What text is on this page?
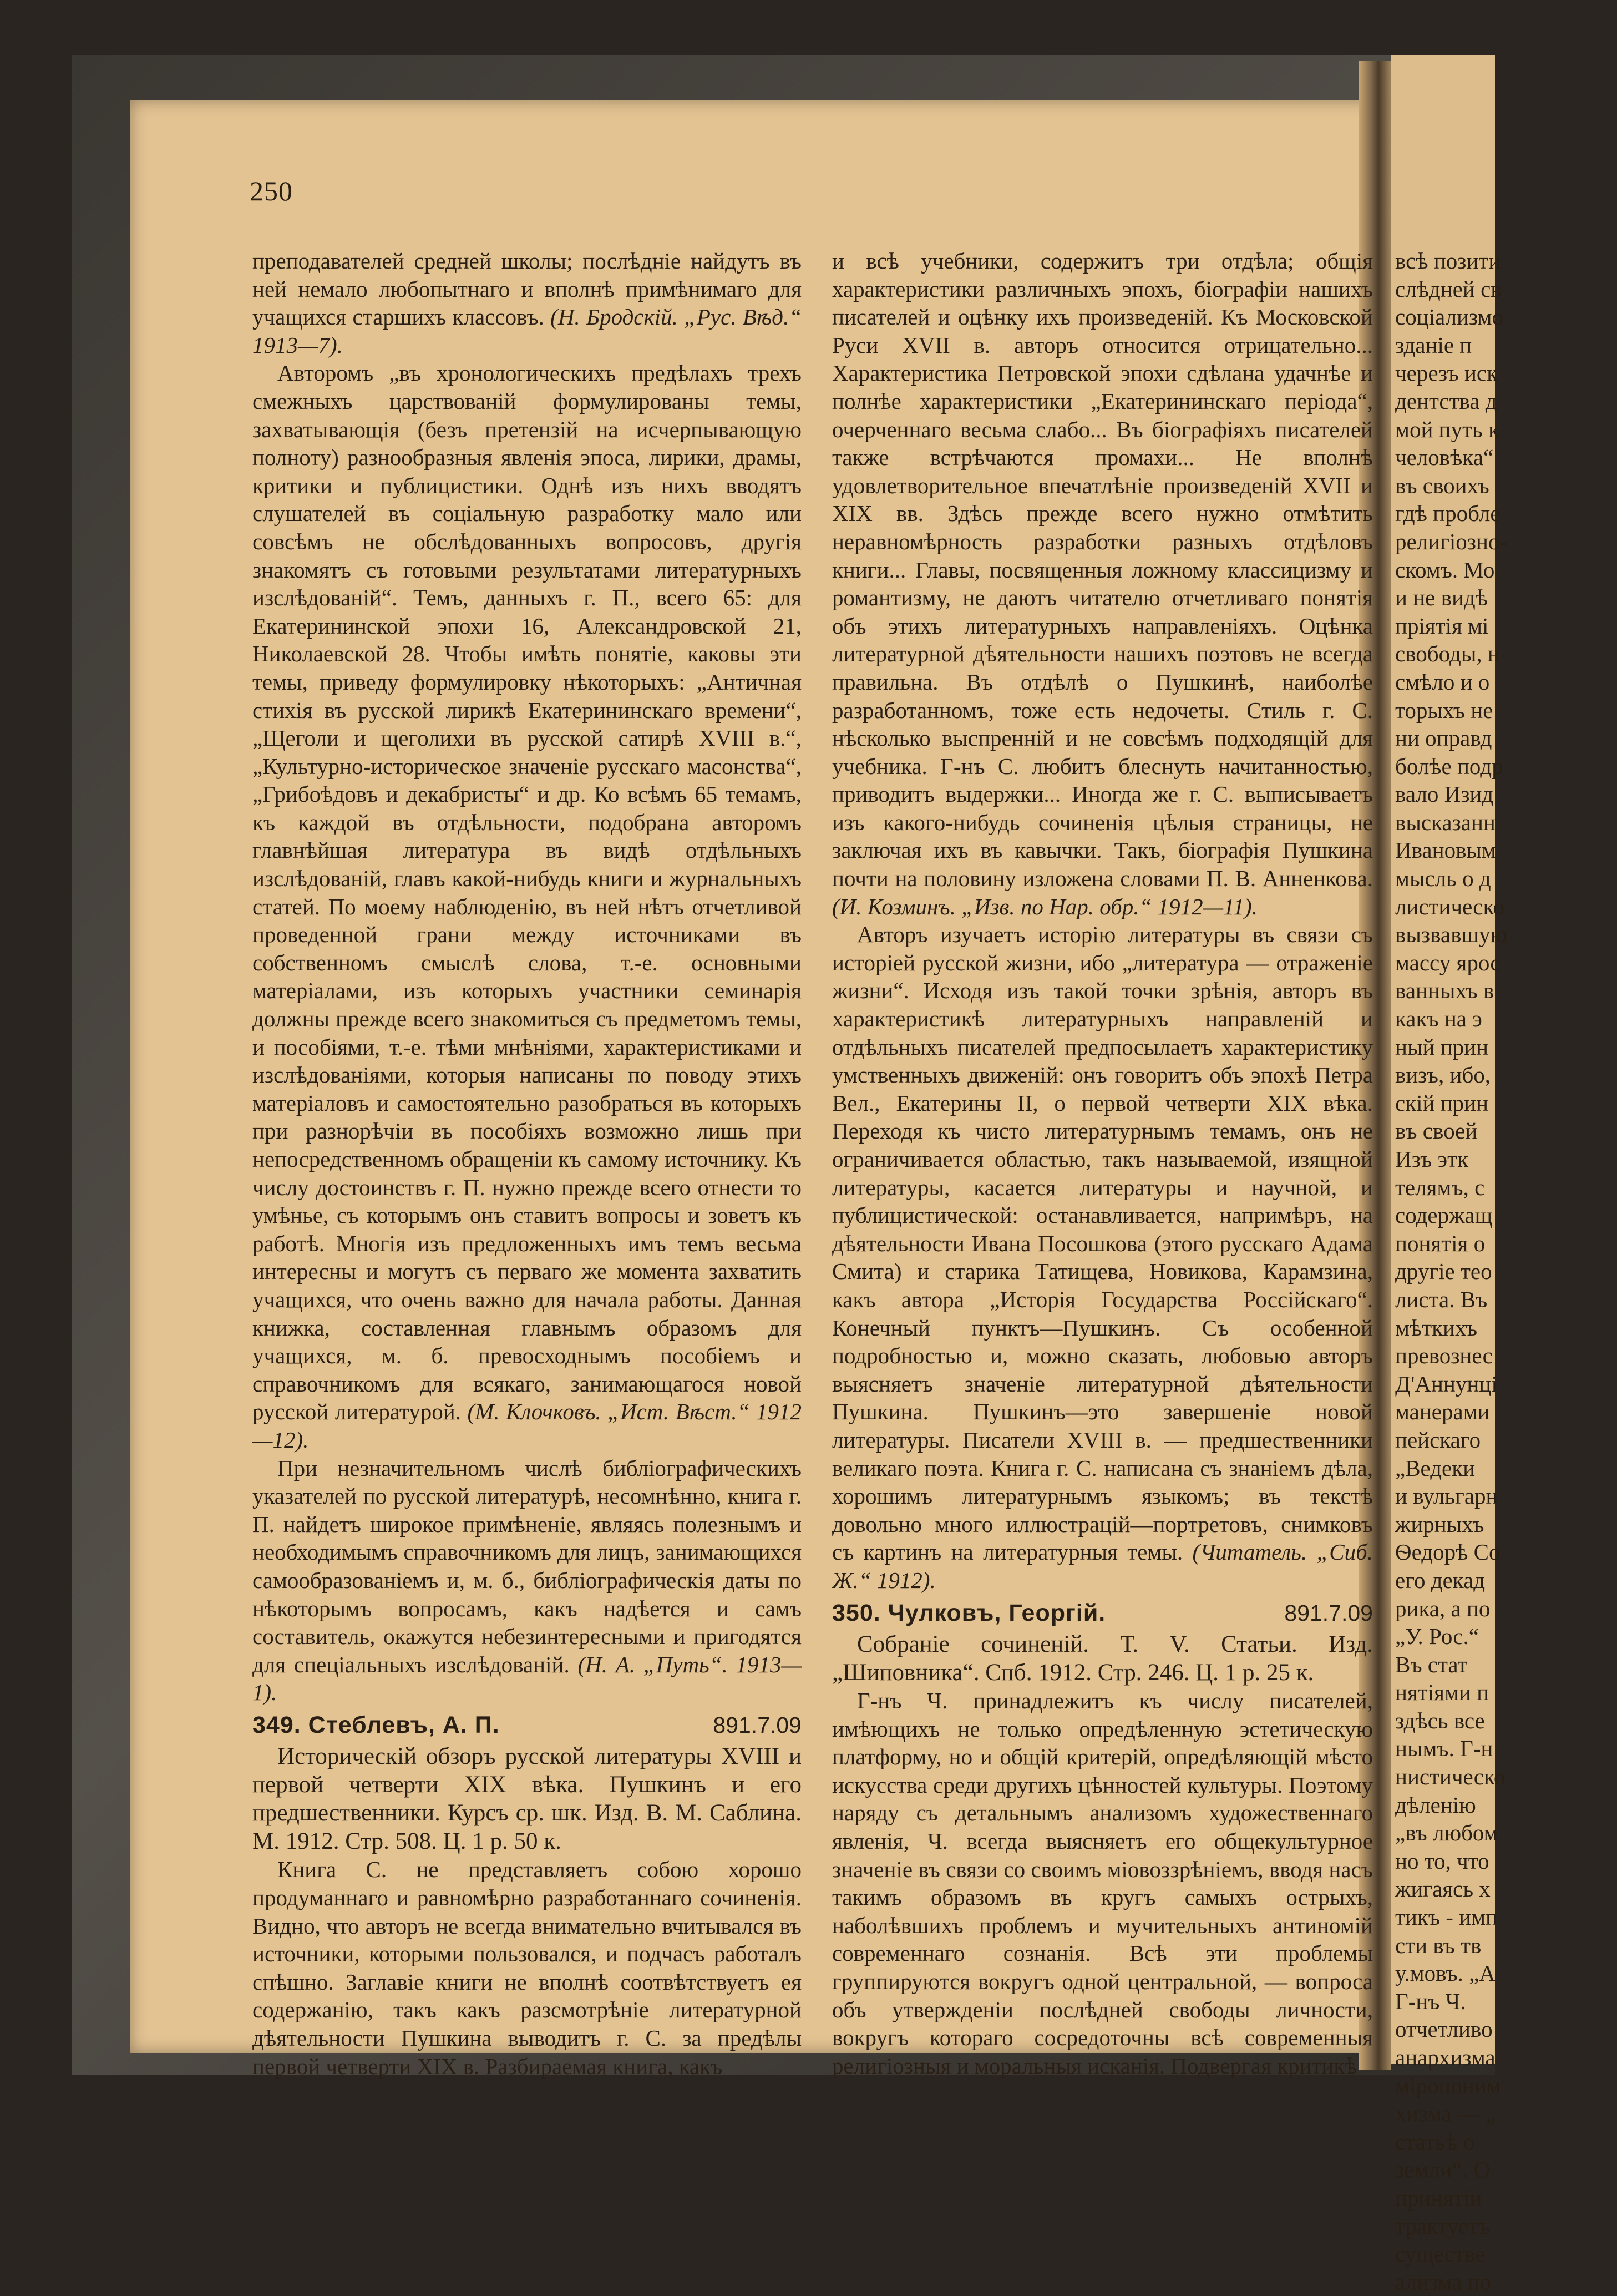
всѣ позити
слѣдней св
соціализмо
зданіе п
черезъ иск
дентства д
мой путь к
человѣка“
въ своихъ
гдѣ пробле
религіозно-
скомъ. Мо
и не видѣ
пріятія мі
свободы, н
смѣло и о
торыхъ не
ни оправд
болѣе подр
вало Изид
высказанн
Ивановым
мысль о д
листическо
вызвавшую
массу ярос
ванныхъ в
какъ на э
ный прин
визъ, ибо,
скій прин
въ своей
Изъ этк
телямъ, с
содержащ
понятія о
другіе тео
листа. Въ
мѣткихъ
превознес
Д'Аннунці
манерами
пейскаго
„Ведеки
и вульгарн
жирныхъ
Ѳедорѣ Со
его декад
рика, а по
„У. Рос.“
Въ стат
нятіями п
здѣсь все
нымъ. Г-н
нистическо
дѣленію
„въ любом
но то, что
жигаясь х
тикъ - имп
сти въ тв
у.мовъ. „А
Г-нъ Ч.
отчетливо
анархизма
міропоним
хизма — „
статьѣ о
земли“. О
принятіи
трактуетъ
существе
ализма по
250

преподавателей средней школы; послѣдніе найдутъ въ ней немало любопытнаго и вполнѣ примѣнимаго для учащихся старшихъ классовъ. (Н. Бродскій. „Рус. Вѣд.“ 1913—7).

Авторомъ „въ хронологическихъ предѣлахъ трехъ смежныхъ царствованій формулированы темы, захватывающія (безъ претензій на исчерпывающую полноту) разнообразныя явленія эпоса, лирики, драмы, критики и публицистики. Однѣ изъ нихъ вводятъ слушателей въ соціальную разработку мало или совсѣмъ не обслѣдованныхъ вопросовъ, другія знакомятъ съ готовыми результатами литературныхъ изслѣдованій“. Темъ, данныхъ г. П., всего 65: для Екатерининской эпохи 16, Александровской 21, Николаевской 28. Чтобы имѣть понятіе, каковы эти темы, приведу формулировку нѣкоторыхъ: „Античная стихія въ русской лирикѣ Екатерининскаго времени“, „Щеголи и щеголихи въ русской сатирѣ XVIII в.“, „Культурно-историческое значеніе русскаго масонства“, „Грибоѣдовъ и декабристы“ и др. Ко всѣмъ 65 темамъ, къ каждой въ отдѣльности, подобрана авторомъ главнѣйшая литература въ видѣ отдѣльныхъ изслѣдованій, главъ какой-нибудь книги и журнальныхъ статей. По моему наблюденію, въ ней нѣтъ отчетливой проведенной грани между источниками въ собственномъ смыслѣ слова, т.-е. основными матеріалами, изъ которыхъ участники семинарія должны прежде всего знакомиться съ предметомъ темы, и пособіями, т.-е. тѣми мнѣніями, характеристиками и изслѣдованіями, которыя написаны по поводу этихъ матеріаловъ и самостоятельно разобраться въ которыхъ при разнорѣчіи въ пособіяхъ возможно лишь при непосредственномъ обращеніи къ самому источнику. Къ числу достоинствъ г. П. нужно прежде всего отнести то умѣнье, съ которымъ онъ ставитъ вопросы и зоветъ къ работѣ. Многія изъ предложенныхъ имъ темъ весьма интересны и могутъ съ перваго же момента захватить учащихся, что очень важно для начала работы. Данная книжка, составленная главнымъ образомъ для учащихся, м. б. превосходнымъ пособіемъ и справочникомъ для всякаго, занимающагося новой русской литературой. (М. Клочковъ. „Ист. Вѣст.“ 1912—12).

При незначительномъ числѣ библіографическихъ указателей по русской литературѣ, несомнѣнно, книга г. П. найдетъ широкое примѣненіе, являясь полезнымъ и необходимымъ справочникомъ для лицъ, занимающихся самообразованіемъ и, м. б., библіографическія даты по нѣкоторымъ вопросамъ, какъ надѣется и самъ составитель, окажутся небезинтересными и пригодятся для спеціальныхъ изслѣдованій. (Н. А. „Путь“. 1913—1).

349. Стеблевъ, А. П.	891.7.09

Историческій обзоръ русской литературы XVIII и первой четверти XIX вѣка. Пушкинъ и его предшественники. Курсъ ср. шк. Изд. В. М. Саблина. М. 1912. Стр. 508. Ц. 1 р. 50 к.

Книга С. не представляетъ собою хорошо продуманнаго и равномѣрно разработаннаго сочиненія. Видно, что авторъ не всегда внимательно вчитывался въ источники, которыми пользовался, и подчасъ работалъ спѣшно. Заглавіе книги не вполнѣ соотвѣтствуетъ ея содержанію, такъ какъ разсмотрѣніе литературной дѣятельности Пушкина выводитъ г. С. за предѣлы первой четверти XIX в. Разбираемая книга, какъ

и всѣ учебники, содержитъ три отдѣла; общія характеристики различныхъ эпохъ, біографіи нашихъ писателей и оцѣнку ихъ произведеній. Къ Московской Руси XVII в. авторъ относится отрицательно... Характеристика Петровской эпохи сдѣлана удачнѣе и полнѣе характеристики „Екатерининскаго періода“, очерченнаго весьма слабо... Въ біографіяхъ писателей также встрѣчаются промахи... Не вполнѣ удовлетворительное впечатлѣніе произведеній XVII и XIX вв. Здѣсь прежде всего нужно отмѣтить неравномѣрность разработки разныхъ отдѣловъ книги... Главы, посвященныя ложному классицизму и романтизму, не даютъ читателю отчетливаго понятія объ этихъ литературныхъ направленіяхъ. Оцѣнка литературной дѣятельности нашихъ поэтовъ не всегда правильна. Въ отдѣлѣ о Пушкинѣ, наиболѣе разработанномъ, тоже есть недочеты. Стиль г. С. нѣсколько выспренній и не совсѣмъ подходящій для учебника. Г-нъ С. любитъ блеснуть начитанностью, приводитъ выдержки... Иногда же г. С. выписываетъ изъ какого-нибудь сочиненія цѣлыя страницы, не заключая ихъ въ кавычки. Такъ, біографія Пушкина почти на половину изложена словами П. В. Анненкова. (И. Козминъ. „Изв. по Нар. обр.“ 1912—11).

Авторъ изучаетъ исторію литературы въ связи съ исторіей русской жизни, ибо „литература — отраженіе жизни“. Исходя изъ такой точки зрѣнія, авторъ въ характеристикѣ литературныхъ направленій и отдѣльныхъ писателей предпосылаетъ характеристику умственныхъ движеній: онъ говоритъ объ эпохѣ Петра Вел., Екатерины II, о первой четверти XIX вѣка. Переходя къ чисто литературнымъ темамъ, онъ не ограничивается областью, такъ называемой, изящной литературы, касается литературы и научной, и публицистической: останавливается, напримѣръ, на дѣятельности Ивана Посошкова (этого русскаго Адама Смита) и старика Татищева, Новикова, Карамзина, какъ автора „Исторія Государства Россійскаго“. Конечный пунктъ—Пушкинъ. Съ особенной подробностью и, можно сказать, любовью авторъ выясняетъ значеніе литературной дѣятельности Пушкина. Пушкинъ—это завершеніе новой литературы. Писатели XVIII в. — предшественники великаго поэта. Книга г. С. написана съ знаніемъ дѣла, хорошимъ литературнымъ языкомъ; въ текстѣ довольно много иллюстрацій—портретовъ, снимковъ съ картинъ на литературныя темы. (Читатель. „Сиб. Ж.“ 1912).

350. Чулковъ, Георгій.	891.7.09

Собраніе сочиненій. Т. V. Статьи. Изд. „Шиповника“. Спб. 1912. Стр. 246. Ц. 1 р. 25 к.

Г-нъ Ч. принадлежитъ къ числу писателей, имѣющихъ не только опредѣленную эстетическую платформу, но и общій критерій, опредѣляющій мѣсто искусства среди другихъ цѣнностей культуры. Поэтому наряду съ детальнымъ анализомъ художественнаго явленія, Ч. всегда выясняетъ его общекультурное значеніе въ связи со своимъ міовоззрѣніемъ, вводя насъ такимъ образомъ въ кругъ самыхъ острыхъ, наболѣвшихъ проблемъ и мучительныхъ антиномій современнаго сознанія. Всѣ эти проблемы группируются вокругъ одной центральной, — вопроса объ утвержденіи послѣдней свободы личности, вокругъ котораго сосредоточны всѣ современныя религіозныя и моральныя исканія. Подвергая критикѣ
